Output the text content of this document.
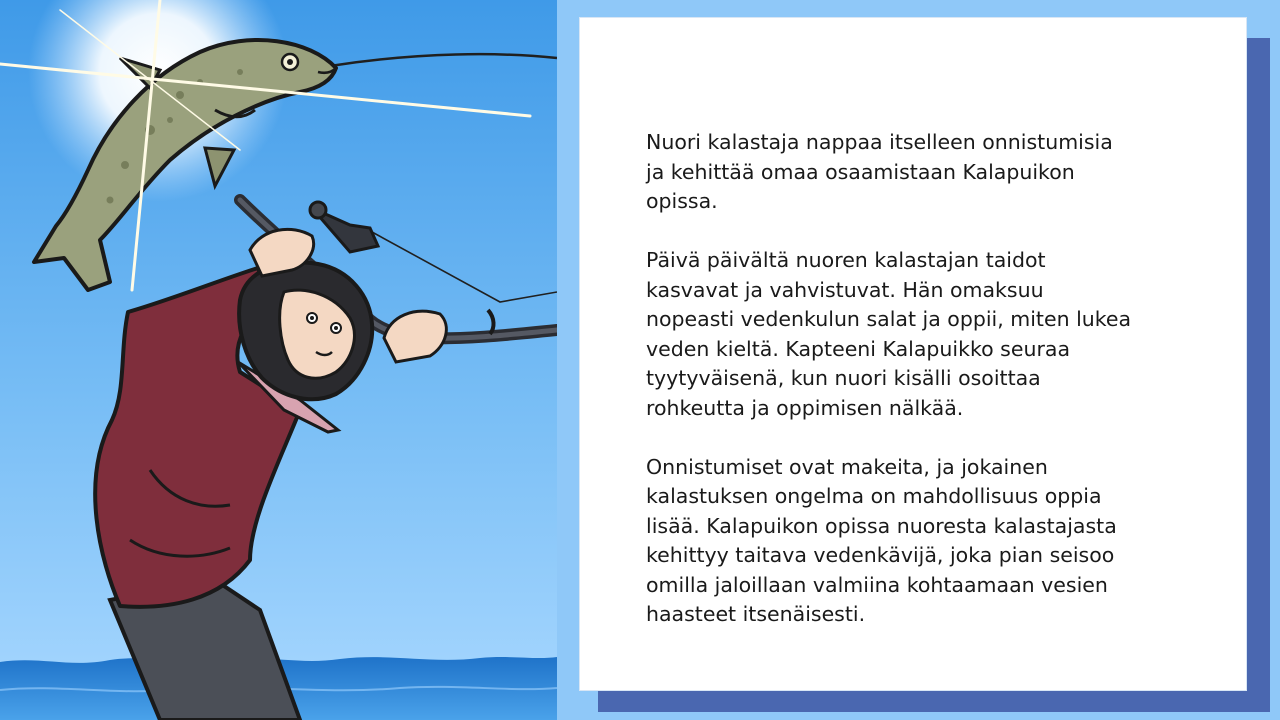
Nuori kalastaja nappaa itselleen onnistumisia ja kehittää omaa osaamistaan Kalapuikon opissa.

Päivä päivältä nuoren kalastajan taidot kasvavat ja vahvistuvat. Hän omaksuu nopeasti vedenkulun salat ja oppii, miten lukea veden kieltä. Kapteeni Kalapuikko seuraa tyytyväisenä, kun nuori kisälli osoittaa rohkeutta ja oppimisen nälkää.

Onnistumiset ovat makeita, ja jokainen kalastuksen ongelma on mahdollisuus oppia lisää. Kalapuikon opissa nuoresta kalastajasta kehittyy taitava vedenkävijä, joka pian seisoo omilla jaloillaan valmiina kohtaamaan vesien haasteet itsenäisesti.
